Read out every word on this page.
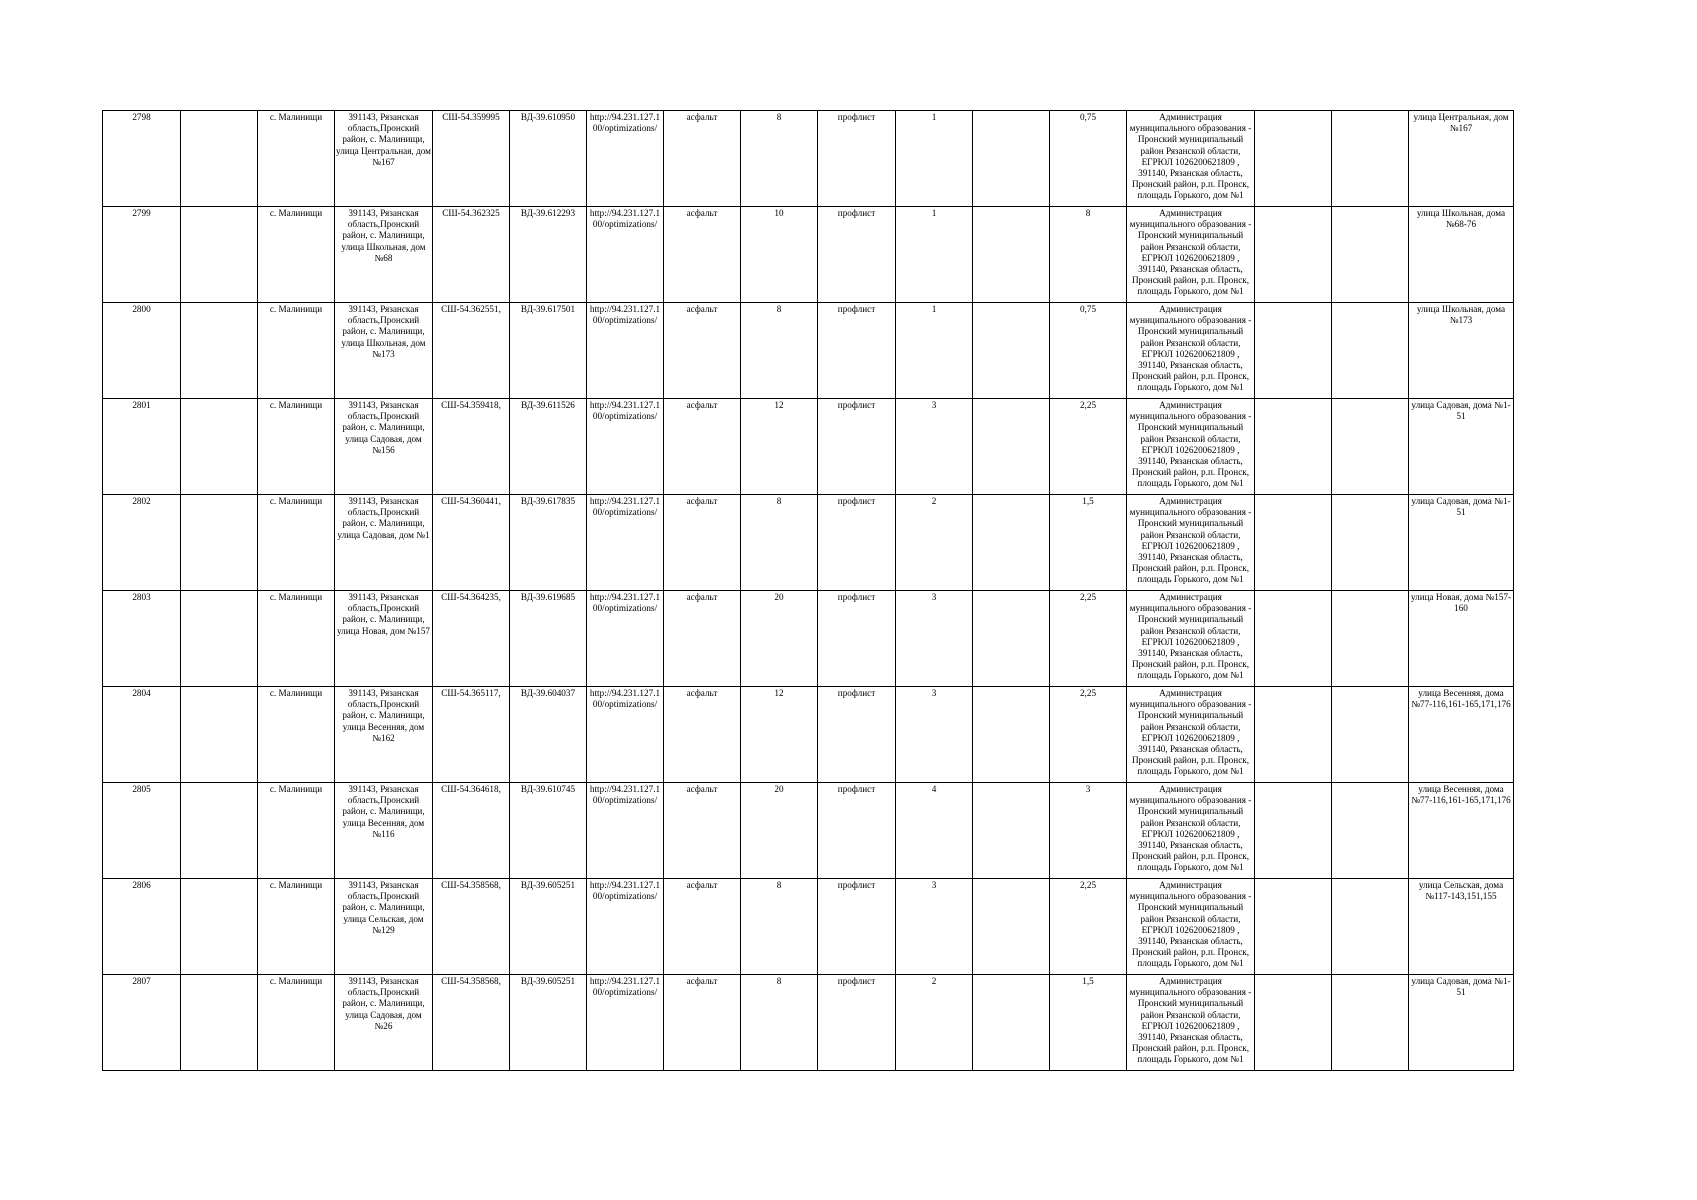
2798		с. Малинищи	391143, Рязанская область,Пронский район, с. Малинищи, улица Центральная, дом №167	СШ-54.359995	ВД-39.610950	http://94.231.127.100/optimizations/	асфальт	8	профлист	1		0,75	Администрация муниципального образования - Пронский муниципальный район Рязанской области, ЕГРЮЛ 1026200621809 , 391140, Рязанская область, Пронский район, р.п. Пронск, площадь Горького, дом №1			улица Центральная, дом №167
2799		с. Малинищи	391143, Рязанская область,Пронский район, с. Малинищи, улица Школьная, дом №68	СШ-54.362325	ВД-39.612293	http://94.231.127.100/optimizations/	асфальт	10	профлист	1		8	Администрация муниципального образования - Пронский муниципальный район Рязанской области, ЕГРЮЛ 1026200621809 , 391140, Рязанская область, Пронский район, р.п. Пронск, площадь Горького, дом №1			улица Школьная, дома №68-76
2800		с. Малинищи	391143, Рязанская область,Пронский район, с. Малинищи, улица Школьная, дом №173	СШ-54.362551,	ВД-39.617501	http://94.231.127.100/optimizations/	асфальт	8	профлист	1		0,75	Администрация муниципального образования - Пронский муниципальный район Рязанской области, ЕГРЮЛ 1026200621809 , 391140, Рязанская область, Пронский район, р.п. Пронск, площадь Горького, дом №1			улица Школьная, дома №173
2801		с. Малинищи	391143, Рязанская область,Пронский район, с. Малинищи, улица Садовая, дом №156	СШ-54.359418,	ВД-39.611526	http://94.231.127.100/optimizations/	асфальт	12	профлист	3		2,25	Администрация муниципального образования - Пронский муниципальный район Рязанской области, ЕГРЮЛ 1026200621809 , 391140, Рязанская область, Пронский район, р.п. Пронск, площадь Горького, дом №1			улица Садовая, дома №1-51
2802		с. Малинищи	391143, Рязанская область,Пронский район, с. Малинищи, улица Садовая, дом №1	СШ-54.360441,	ВД-39.617835	http://94.231.127.100/optimizations/	асфальт	8	профлист	2		1,5	Администрация муниципального образования - Пронский муниципальный район Рязанской области, ЕГРЮЛ 1026200621809 , 391140, Рязанская область, Пронский район, р.п. Пронск, площадь Горького, дом №1			улица Садовая, дома №1-51
2803		с. Малинищи	391143, Рязанская область,Пронский район, с. Малинищи, улица Новая, дом №157	СШ-54.364235,	ВД-39.619685	http://94.231.127.100/optimizations/	асфальт	20	профлист	3		2,25	Администрация муниципального образования - Пронский муниципальный район Рязанской области, ЕГРЮЛ 1026200621809 , 391140, Рязанская область, Пронский район, р.п. Пронск, площадь Горького, дом №1			улица Новая, дома №157-160
2804		с. Малинищи	391143, Рязанская область,Пронский район, с. Малинищи, улица Весенняя, дом №162	СШ-54.365117,	ВД-39.604037	http://94.231.127.100/optimizations/	асфальт	12	профлист	3		2,25	Администрация муниципального образования - Пронский муниципальный район Рязанской области, ЕГРЮЛ 1026200621809 , 391140, Рязанская область, Пронский район, р.п. Пронск, площадь Горького, дом №1			улица Весенняя, дома №77-116,161-165,171,176
2805		с. Малинищи	391143, Рязанская область,Пронский район, с. Малинищи, улица Весенняя, дом №116	СШ-54.364618,	ВД-39.610745	http://94.231.127.100/optimizations/	асфальт	20	профлист	4		3	Администрация муниципального образования - Пронский муниципальный район Рязанской области, ЕГРЮЛ 1026200621809 , 391140, Рязанская область, Пронский район, р.п. Пронск, площадь Горького, дом №1			улица Весенняя, дома №77-116,161-165,171,176
2806		с. Малинищи	391143, Рязанская область,Пронский район, с. Малинищи, улица Сельская, дом №129	СШ-54.358568,	ВД-39.605251	http://94.231.127.100/optimizations/	асфальт	8	профлист	3		2,25	Администрация муниципального образования - Пронский муниципальный район Рязанской области, ЕГРЮЛ 1026200621809 , 391140, Рязанская область, Пронский район, р.п. Пронск, площадь Горького, дом №1			улица Сельская, дома №117-143,151,155
2807		с. Малинищи	391143, Рязанская область,Пронский район, с. Малинищи, улица Садовая, дом №26	СШ-54.358568,	ВД-39.605251	http://94.231.127.100/optimizations/	асфальт	8	профлист	2		1,5	Администрация муниципального образования - Пронский муниципальный район Рязанской области, ЕГРЮЛ 1026200621809 , 391140, Рязанская область, Пронский район, р.п. Пронск, площадь Горького, дом №1			улица Садовая, дома №1-51
